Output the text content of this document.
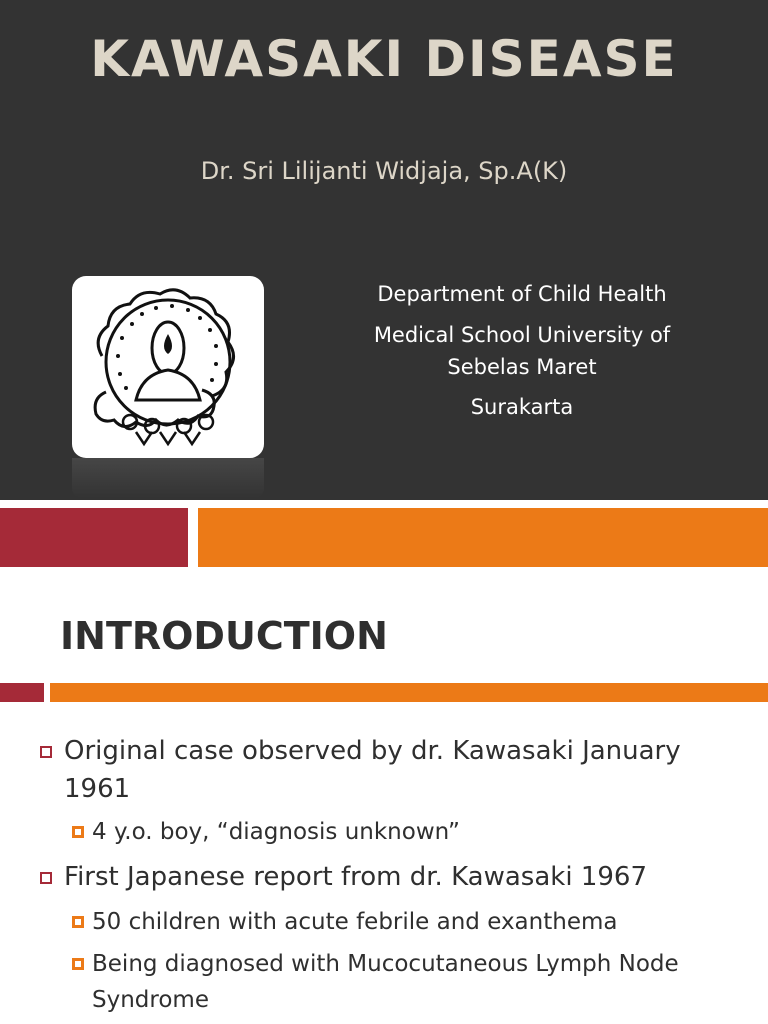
KAWASAKI DISEASE
Dr. Sri Lilijanti Widjaja, Sp.A(K)
Department of Child Health
Medical School University of
Sebelas Maret
Surakarta
INTRODUCTION
Original case observed by dr. Kawasaki January 1961
4 y.o. boy, “diagnosis unknown”
First Japanese report from dr. Kawasaki 1967
50 children with acute febrile and exanthema
Being diagnosed with Mucocutaneous Lymph Node Syndrome
